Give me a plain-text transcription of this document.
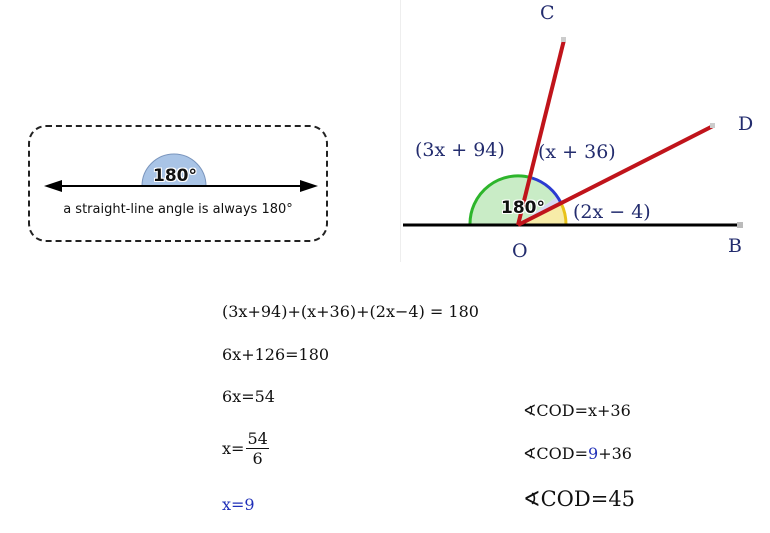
180°
a straight-line angle is always 180°
C
D
O	B
(3x + 94) (x + 36)
(2x − 4)
180°
(3x+94)+(x+36)+(2x−4) = 180
6x+126=180
6x=54
$x= \frac{54}{6}$
x=9
∢COD=x+36
∢COD=9+36
∢COD=45
